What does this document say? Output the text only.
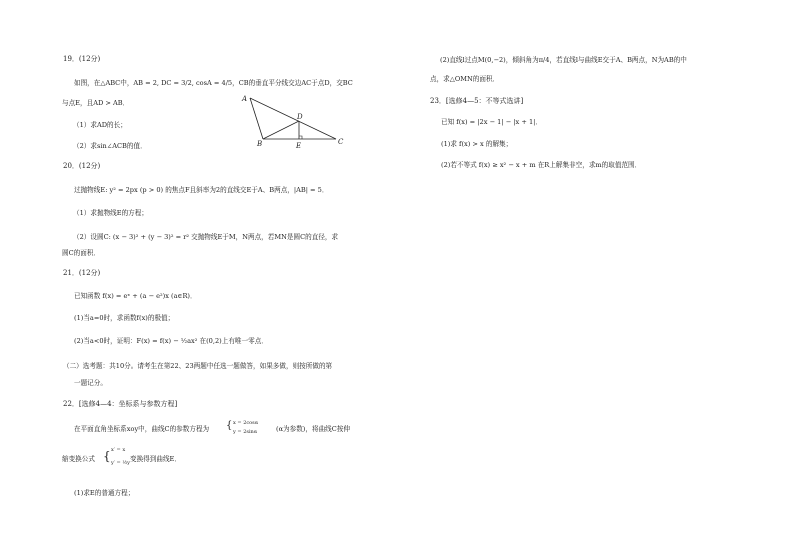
19．(12分)
如图，在△ABC中，AB = 2, DC = 3/2, cosA = 4/5，CB的垂直平分线交边AC于点D，交BC
与点E，且AD > AB．
（1）求AD的长；
（2）求sin∠ACB的值．
A
B	C
D
E
20．(12分)
过抛物线E: y² = 2px (p > 0) 的焦点F且斜率为2的直线交E于A、B两点，|AB| = 5．
（1）求抛物线E的方程；
（2）设圆C: (x − 3)² + (y − 3)² = r² 交抛物线E于M，N两点，若MN是圆C的直径，求
圆C的面积．
21．(12分)
已知函数 f(x) = eˣ + (a − e²)x (a∈R)．
(1)当a=0时，求函数f(x)的极值；
(2)当a<0时，证明：F(x) = f(x) − ½ax² 在(0,2)上有唯一零点．
（二）选考题：共10分。请考生在第22、23两题中任选一题做答，如果多做，则按所做的第
一题记分。
22．[选修4—4：坐标系与参数方程]
在平面直角坐标系xoy中，曲线C的参数方程为 { x = 2cosα
y = 2sinα	(α为参数)，将曲线C按伸
缩变换公式 { x′ = x
y′ = ½y 变换得到曲线E．
(1)求E的普通方程；
(2)直线l过点M(0,−2)，倾斜角为π/4，若直线l与曲线E交于A、B两点，N为AB的中
点，求△OMN的面积．
23．[选修4—5：不等式选讲]
已知 f(x) = |2x − 1| − |x + 1|．
(1)求 f(x) > x 的解集；
(2)若不等式 f(x) ≥ x² − x + m 在R上解集非空，求m的取值范围．
